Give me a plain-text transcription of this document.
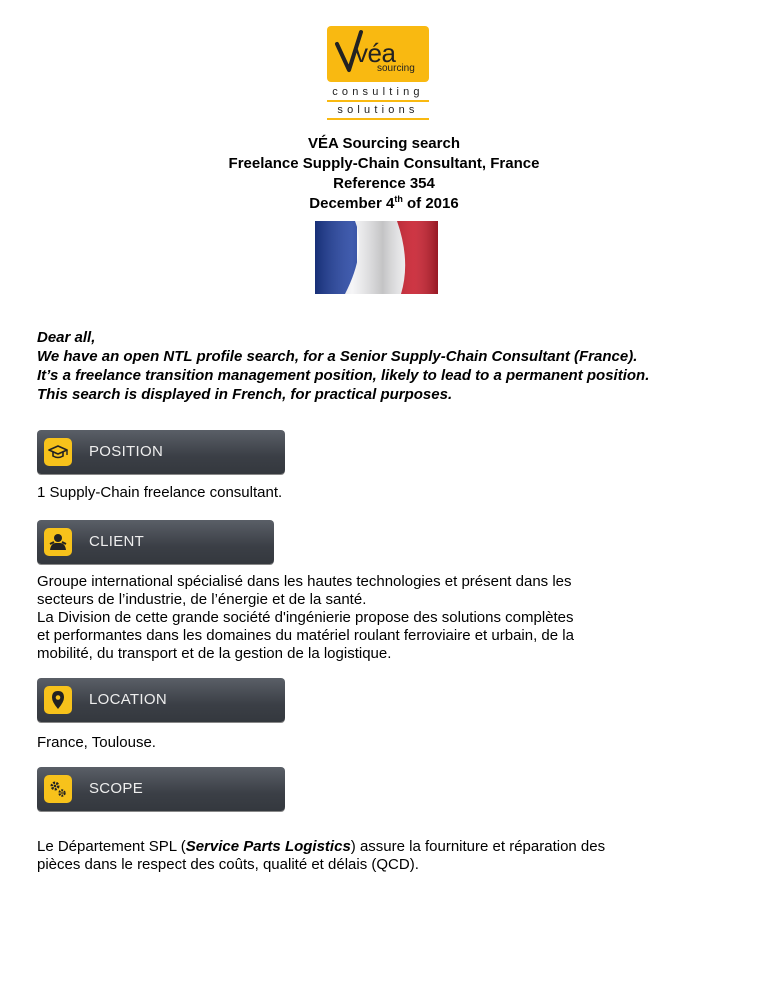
véa
sourcing
consulting
solutions
VÉA Sourcing search
Freelance Supply-Chain Consultant, France
Reference 354
December 4th of 2016

Dear all,

We have an open NTL profile search, for a Senior Supply-Chain Consultant (France).

It’s a freelance transition management position, likely to lead to a permanent position.

This search is displayed in French, for practical purposes.

POSITION
1 Supply-Chain freelance consultant.
CLIENT

Groupe international spécialisé dans les hautes technologies et présent dans les

secteurs de l’industrie, de l’énergie et de la santé.

La Division de cette grande société d'ingénierie propose des solutions complètes

et performantes dans les domaines du matériel roulant ferroviaire et urbain, de la

mobilité, du transport et de la gestion de la logistique.

LOCATION
France, Toulouse.
SCOPE

Le Département SPL (Service Parts Logistics) assure la fourniture et réparation des

pièces dans le respect des coûts, qualité et délais (QCD).
